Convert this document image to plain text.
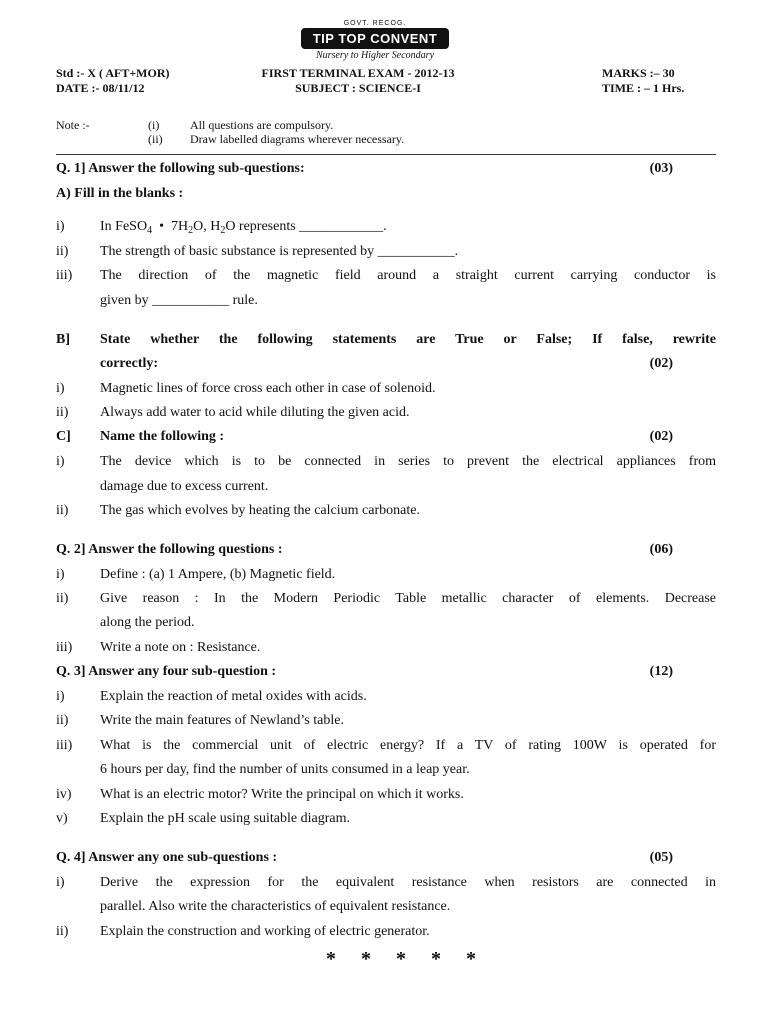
GOVT. RECOG.
TIP TOP CONVENT
Nursery to Higher Secondary
Std :- X ( AFT+MOR)
DATE :- 08/11/12
FIRST TERMINAL EXAM - 2012-13
SUBJECT : SCIENCE-I
MARKS :– 30
TIME : – 1 Hrs.
Note :-	(i)	All questions are compulsory.
(ii) Draw labelled diagrams wherever necessary.
Q. 1] Answer the following sub-questions:	(03)
A) Fill in the blanks :
i)	In FeSO$_4$  •  $7H_2O$, $H_2O$ represents ____________.
ii) The strength of basic substance is represented by ___________.
iii) The direction of the magnetic field around a straight current carrying conductor is
given by ___________ rule.
B] State whether the following statements are True or False; If false, rewrite
correctly:	(02)
i)	Magnetic lines of force cross each other in case of solenoid.
ii) Always add water to acid while diluting the given acid.
C] Name the following :	(02)
i)	The device which is to be connected in series to prevent the electrical appliances from
damage due to excess current.
ii) The gas which evolves by heating the calcium carbonate.
Q. 2] Answer the following questions :	(06)
i)	Define : (a) 1 Ampere, (b) Magnetic field.
ii) Give reason : In the Modern Periodic Table metallic character of elements. Decrease
along the period.
iii) Write a note on : Resistance.
Q. 3] Answer any four sub-question :	(12)
i)	Explain the reaction of metal oxides with acids.
ii) Write the main features of Newland’s table.
iii) What is the commercial unit of electric energy? If a TV of rating 100W is operated for
6 hours per day, find the number of units consumed in a leap year.
iv) What is an electric motor? Write the principal on which it works.
v) Explain the pH scale using suitable diagram.
Q. 4] Answer any one sub-questions :	(05)
i)	Derive the expression for the equivalent resistance when resistors are connected in
parallel. Also write the characteristics of equivalent resistance.
ii) Explain the construction and working of electric generator.
* * * * *
